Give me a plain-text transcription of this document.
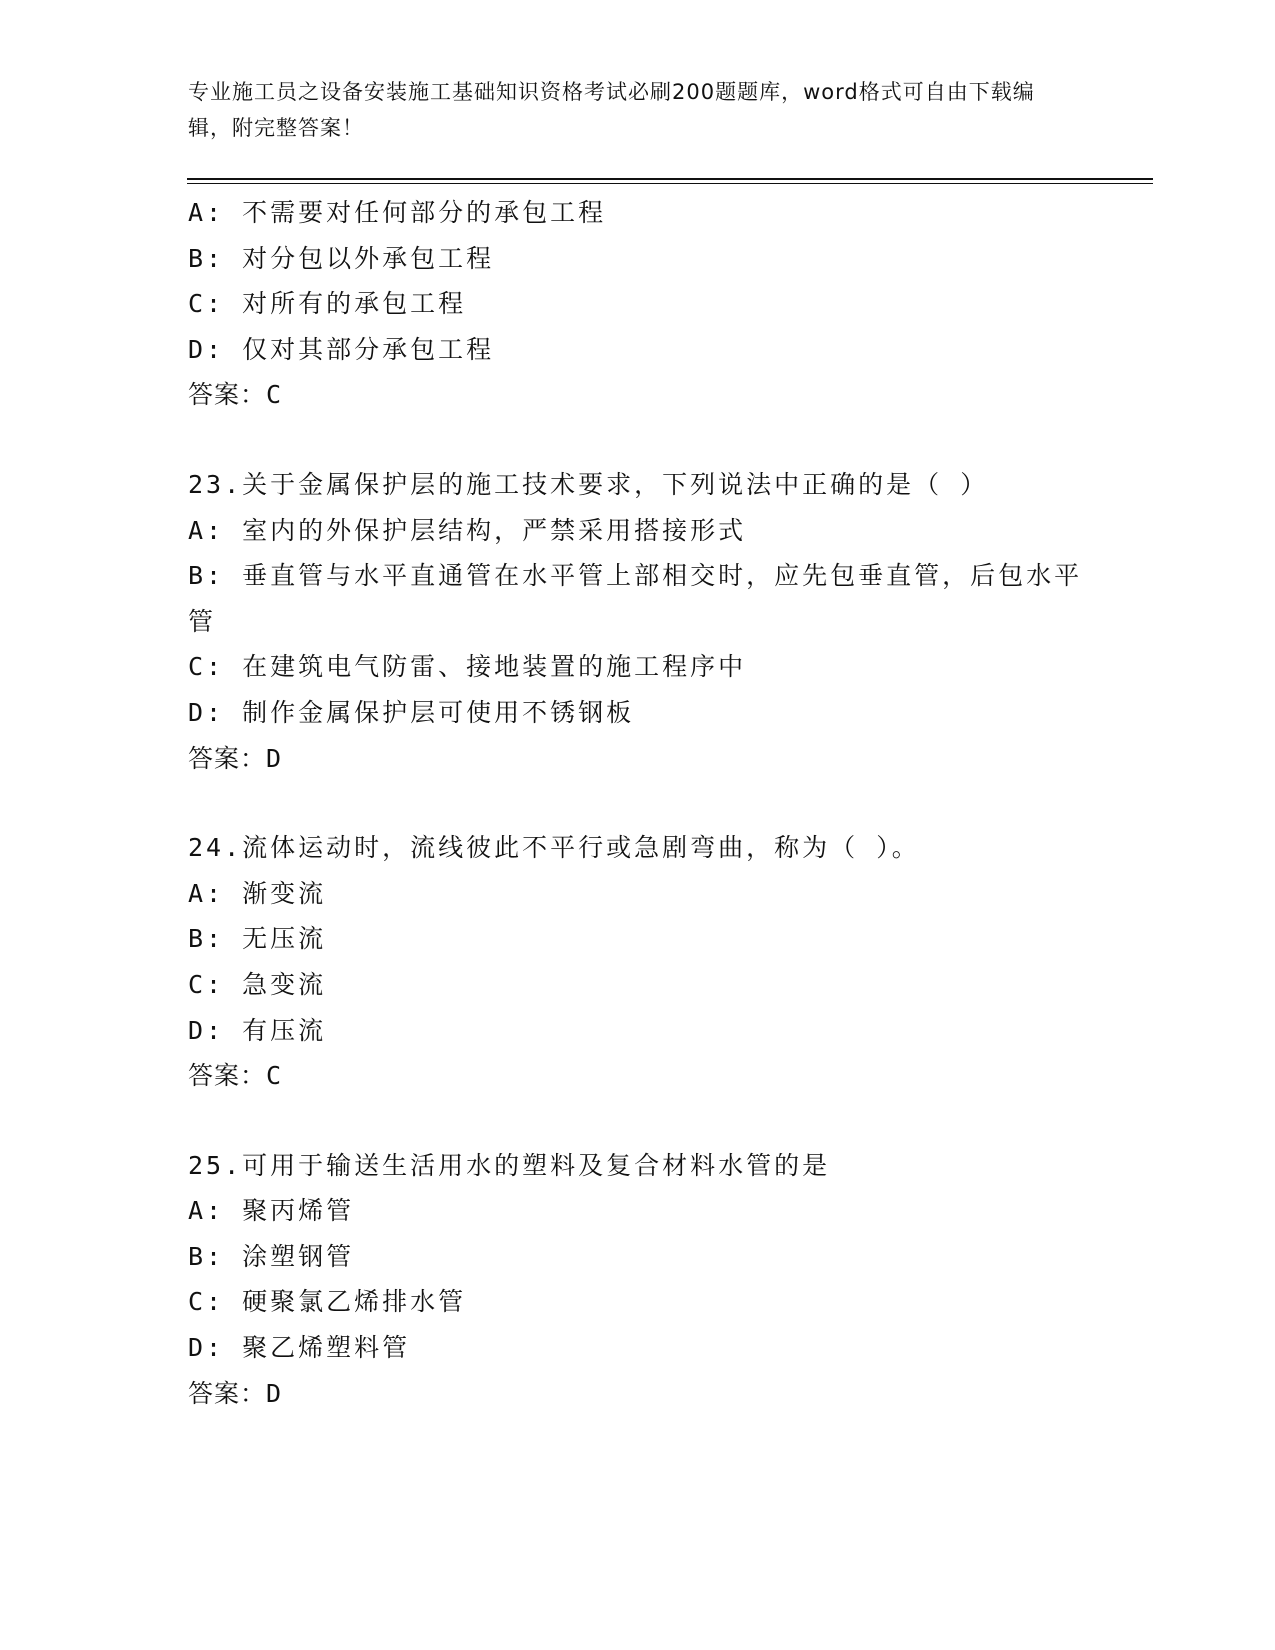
专业施工员之设备安装施工基础知识资格考试必刷200题题库，word格式可自由下载编辑，附完整答案！
A: 不需要对任何部分的承包工程
B: 对分包以外承包工程
C: 对所有的承包工程
D: 仅对其部分承包工程
答案：C
23.关于金属保护层的施工技术要求，下列说法中正确的是（ ）
A: 室内的外保护层结构，严禁采用搭接形式
B: 垂直管与水平直通管在水平管上部相交时，应先包垂直管，后包水平管
C: 在建筑电气防雷、接地装置的施工程序中
D: 制作金属保护层可使用不锈钢板
答案：D
24.流体运动时，流线彼此不平行或急剧弯曲，称为（ ）。
A: 渐变流
B: 无压流
C: 急变流
D: 有压流
答案：C
25.可用于输送生活用水的塑料及复合材料水管的是
A: 聚丙烯管
B: 涂塑钢管
C: 硬聚氯乙烯排水管
D: 聚乙烯塑料管
答案：D
